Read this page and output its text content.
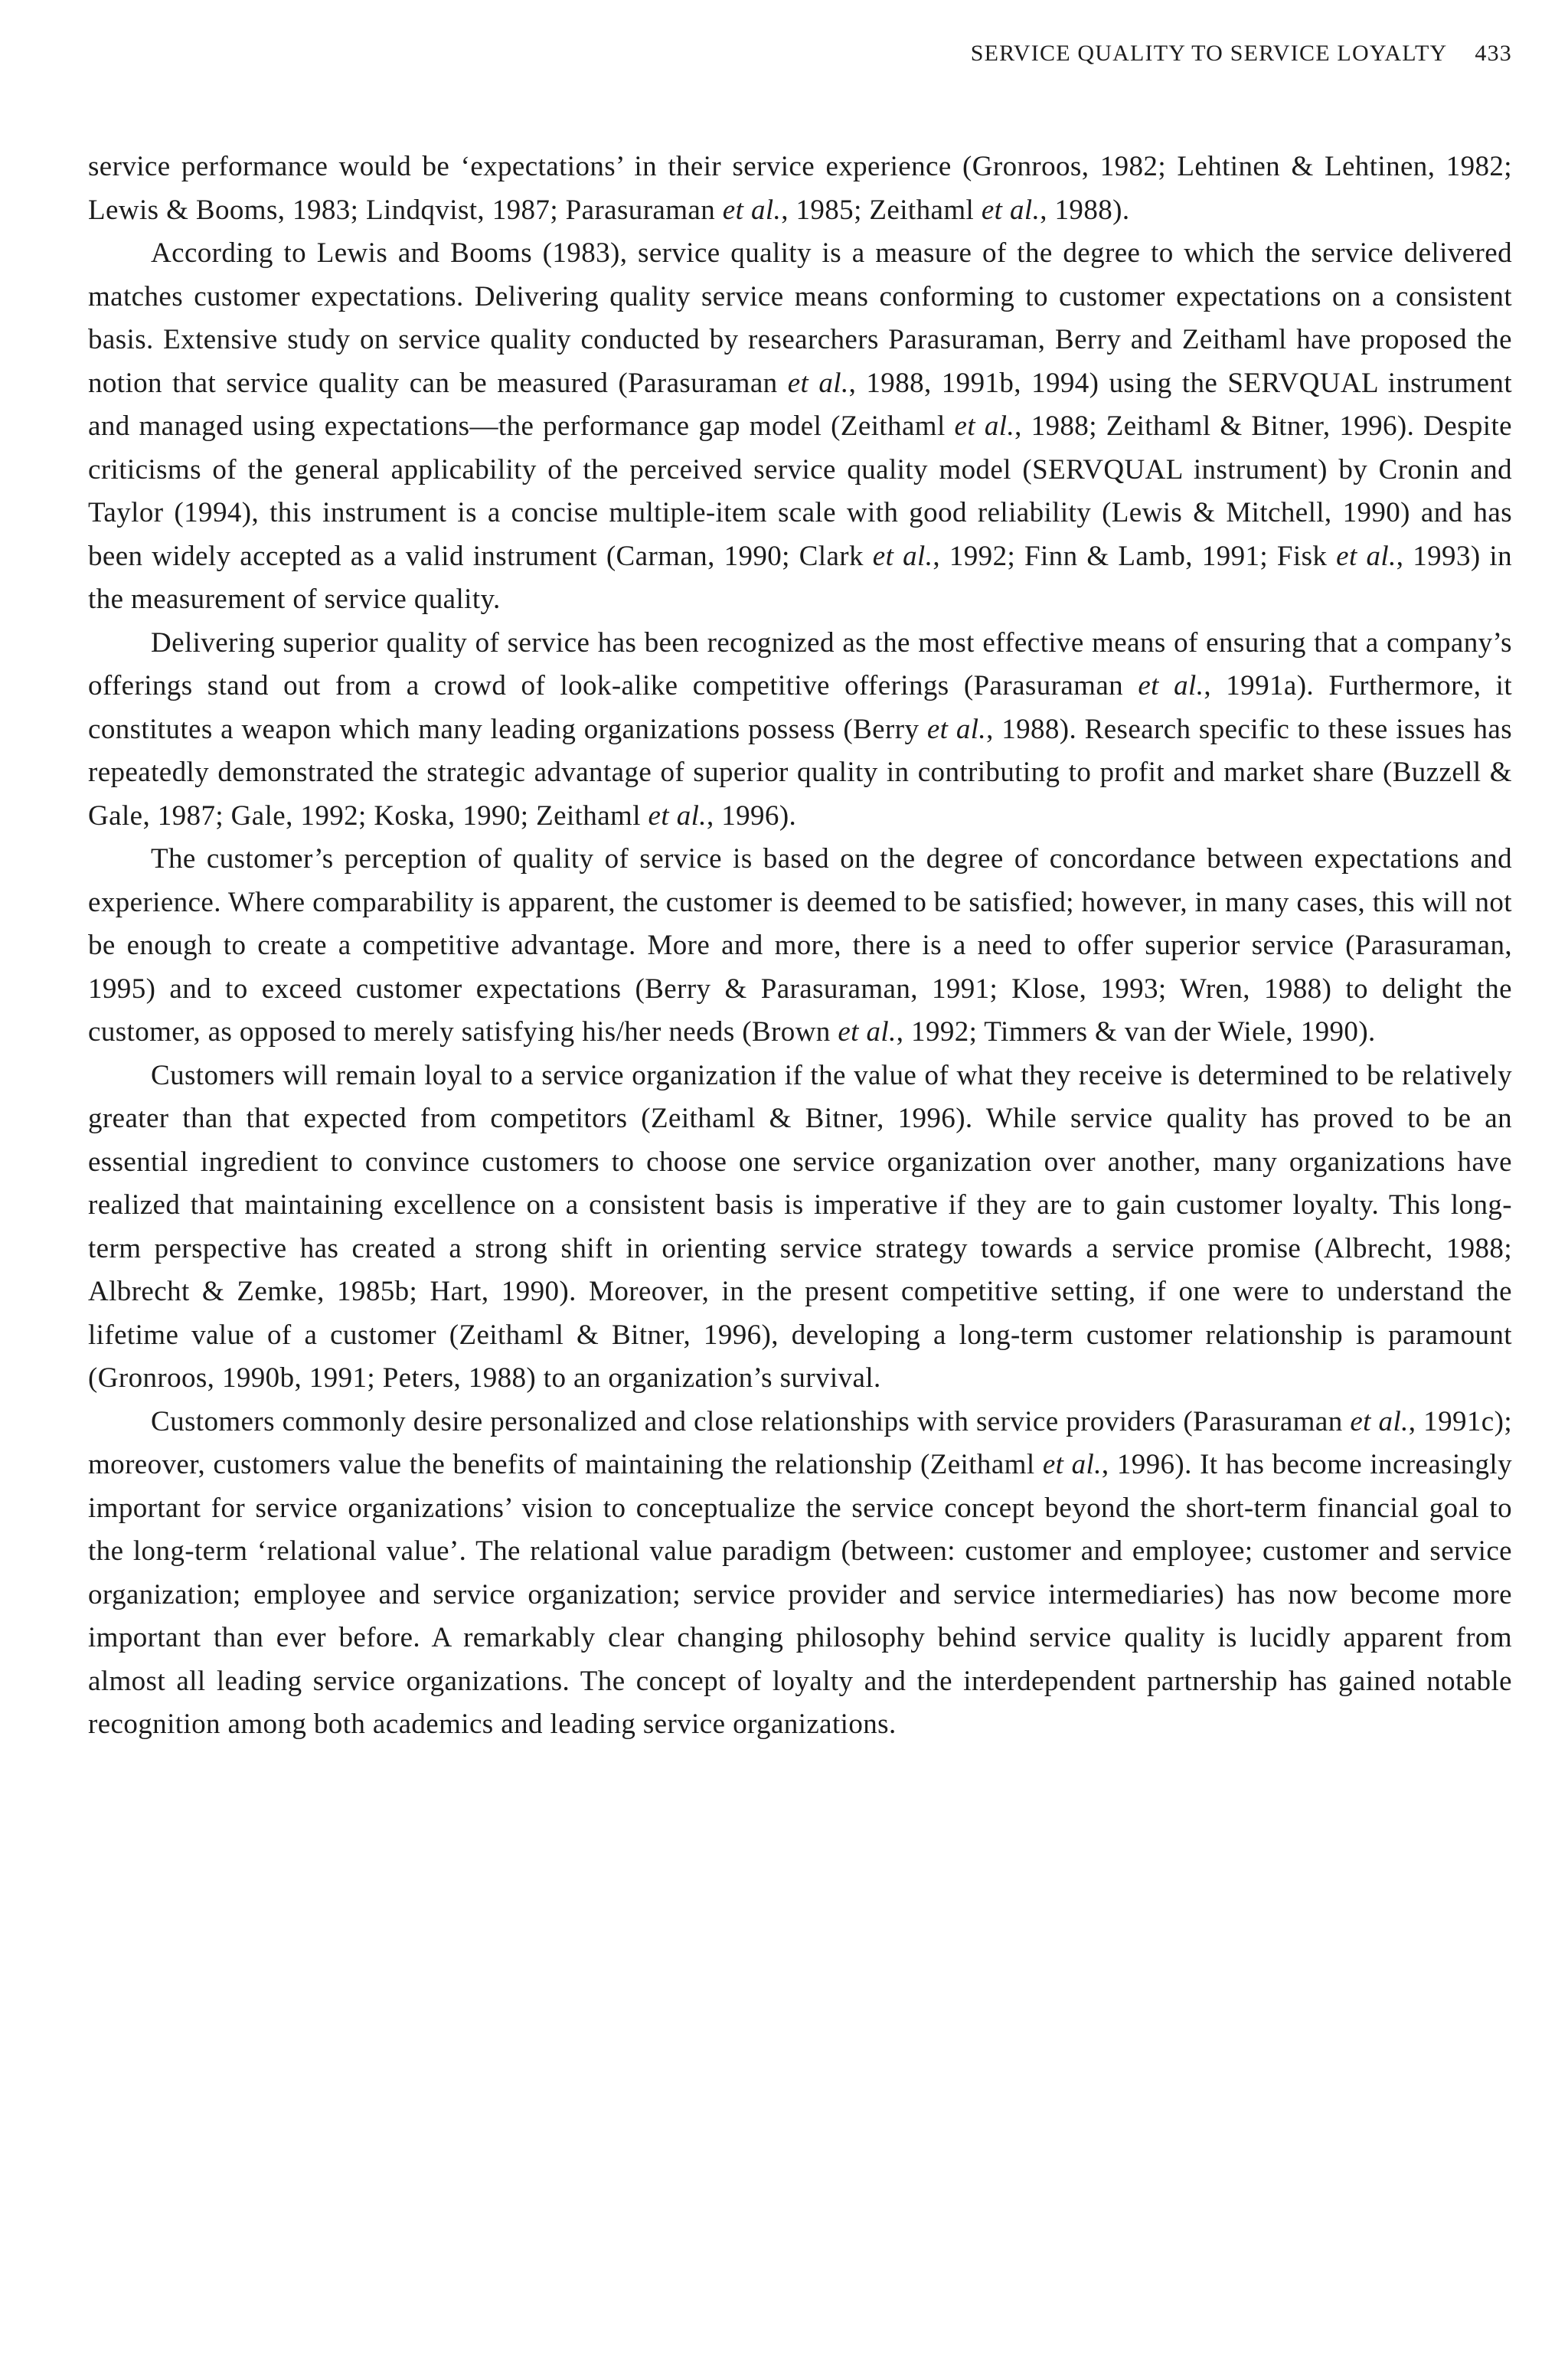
SERVICE QUALITY TO SERVICE LOYALTY 433

service performance would be ‘expectations’ in their service experience (Gronroos, 1982; Lehtinen & Lehtinen, 1982; Lewis & Booms, 1983; Lindqvist, 1987; Parasuraman et al., 1985; Zeithaml et al., 1988).

According to Lewis and Booms (1983), service quality is a measure of the degree to which the service delivered matches customer expectations. Delivering quality service means conforming to customer expectations on a consistent basis. Extensive study on service quality conducted by researchers Parasuraman, Berry and Zeithaml have proposed the notion that service quality can be measured (Parasuraman et al., 1988, 1991b, 1994) using the SERVQUAL instrument and managed using expectations—the performance gap model (Zeithaml et al., 1988; Zeithaml & Bitner, 1996). Despite criticisms of the general applicability of the perceived service quality model (SERVQUAL instrument) by Cronin and Taylor (1994), this instrument is a concise multiple-item scale with good reliability (Lewis & Mitchell, 1990) and has been widely accepted as a valid instrument (Carman, 1990; Clark et al., 1992; Finn & Lamb, 1991; Fisk et al., 1993) in the measurement of service quality.

Delivering superior quality of service has been recognized as the most effective means of ensuring that a company’s offerings stand out from a crowd of look-alike competitive offerings (Parasuraman et al., 1991a). Furthermore, it constitutes a weapon which many leading organizations possess (Berry et al., 1988). Research specific to these issues has repeatedly demonstrated the strategic advantage of superior quality in contributing to profit and market share (Buzzell & Gale, 1987; Gale, 1992; Koska, 1990; Zeithaml et al., 1996).

The customer’s perception of quality of service is based on the degree of concordance between expectations and experience. Where comparability is apparent, the customer is deemed to be satisfied; however, in many cases, this will not be enough to create a competitive advantage. More and more, there is a need to offer superior service (Parasuraman, 1995) and to exceed customer expectations (Berry & Parasuraman, 1991; Klose, 1993; Wren, 1988) to delight the customer, as opposed to merely satisfying his/her needs (Brown et al., 1992; Timmers & van der Wiele, 1990).

Customers will remain loyal to a service organization if the value of what they receive is determined to be relatively greater than that expected from competitors (Zeithaml & Bitner, 1996). While service quality has proved to be an essential ingredient to convince customers to choose one service organization over another, many organizations have realized that maintaining excellence on a consistent basis is imperative if they are to gain customer loyalty. This long-term perspective has created a strong shift in orienting service strategy towards a service promise (Albrecht, 1988; Albrecht & Zemke, 1985b; Hart, 1990). Moreover, in the present competitive setting, if one were to understand the lifetime value of a customer (Zeithaml & Bitner, 1996), developing a long-term customer relationship is paramount (Gronroos, 1990b, 1991; Peters, 1988) to an organization’s survival.

Customers commonly desire personalized and close relationships with service providers (Parasuraman et al., 1991c); moreover, customers value the benefits of maintaining the relationship (Zeithaml et al., 1996). It has become increasingly important for service organizations’ vision to conceptualize the service concept beyond the short-term financial goal to the long-term ‘relational value’. The relational value paradigm (between: customer and employee; customer and service organization; employee and service organization; service provider and service intermediaries) has now become more important than ever before. A remarkably clear changing philosophy behind service quality is lucidly apparent from almost all leading service organizations. The concept of loyalty and the interdependent partnership has gained notable recognition among both academics and leading service organizations.
